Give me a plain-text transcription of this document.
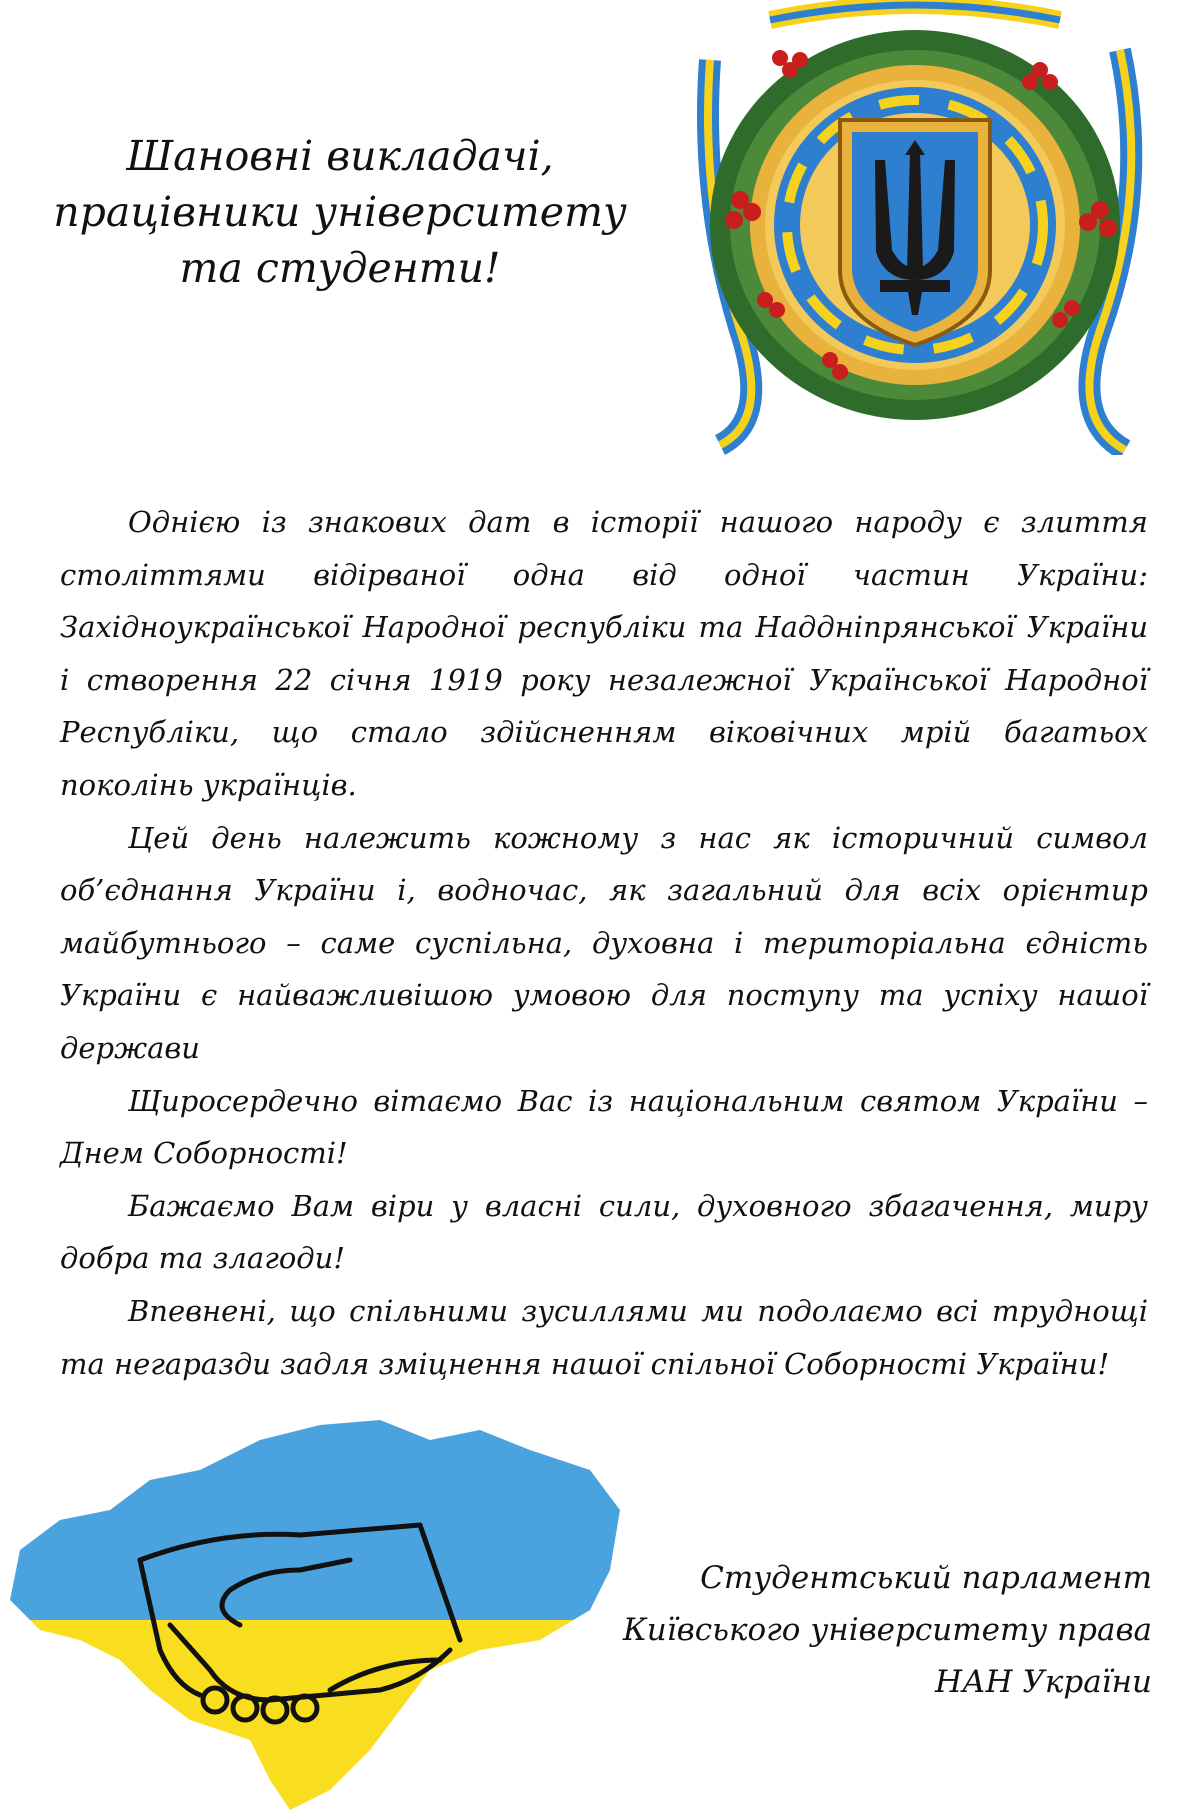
Шановні викладачі,
працівники університету
та студенти!

Однією із знакових дат в історії нашого народу є злиття століттями відірваної одна від одної частин України: Західноукраїнської Народної республіки та Наддніпрянської України і створення 22 січня 1919 року незалежної Української Народної Республіки, що стало здійсненням віковічних мрій багатьох поколінь українців.

Цей день належить кожному з нас як історичний символ об’єднання України і, водночас, як загальний для всіх орієнтир майбутнього – саме суспільна, духовна і територіальна єдність України є найважливішою умовою для поступу та успіху нашої держави

Щиросердечно вітаємо Вас із національним святом України – Днем Соборності!

Бажаємо Вам віри у власні сили, духовного збагачення, миру добра та злагоди!

Впевнені, що спільними зусиллями ми подолаємо всі труднощі та негаразди задля зміцнення нашої спільної Соборності України!

Студентський парламент
Київського університету права
НАН України
